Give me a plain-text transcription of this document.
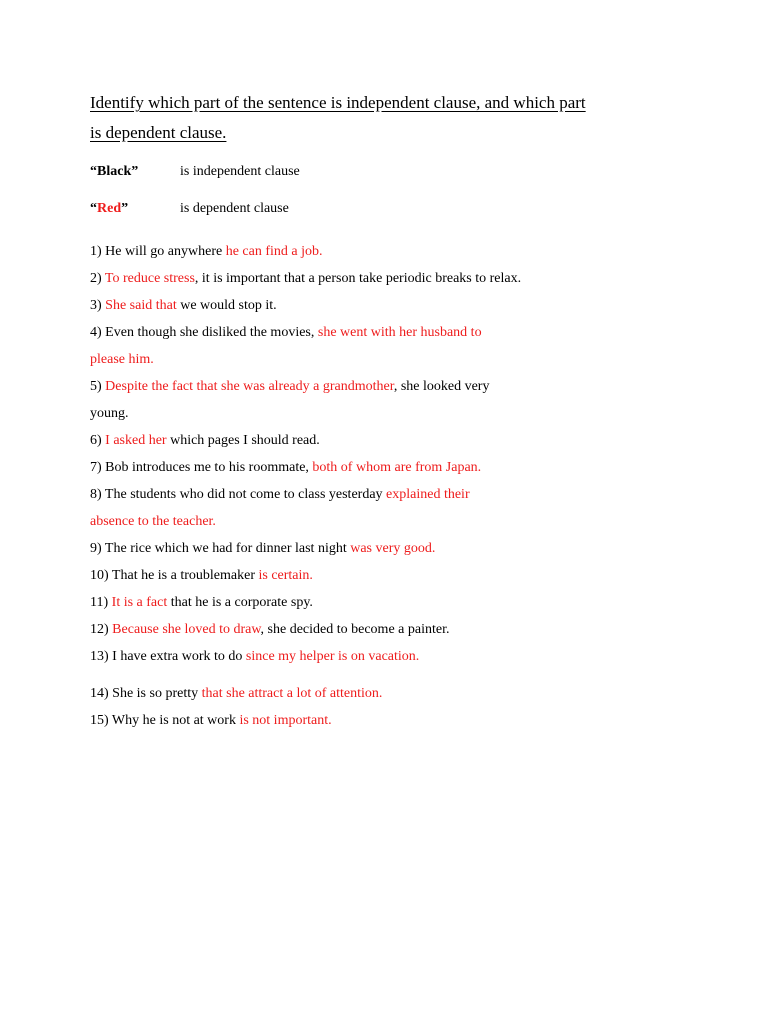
Identify which part of the sentence is independent clause, and which part
is dependent clause.
“Black”	is independent clause
“Red”	is dependent clause
1) He will go anywhere he can find a job.
2) To reduce stress, it is important that a person take periodic breaks to relax.
3) She said that we would stop it.
4) Even though she disliked the movies, she went with her husband to
please him.
5) Despite the fact that she was already a grandmother, she looked very
young.
6) I asked her which pages I should read.
7) Bob introduces me to his roommate, both of whom are from Japan.
8) The students who did not come to class yesterday explained their
absence to the teacher.
9) The rice which we had for dinner last night was very good.
10) That he is a troublemaker is certain.
11) It is a fact that he is a corporate spy.
12) Because she loved to draw, she decided to become a painter.
13) I have extra work to do since my helper is on vacation.
14) She is so pretty that she attract a lot of attention.
15) Why he is not at work is not important.
